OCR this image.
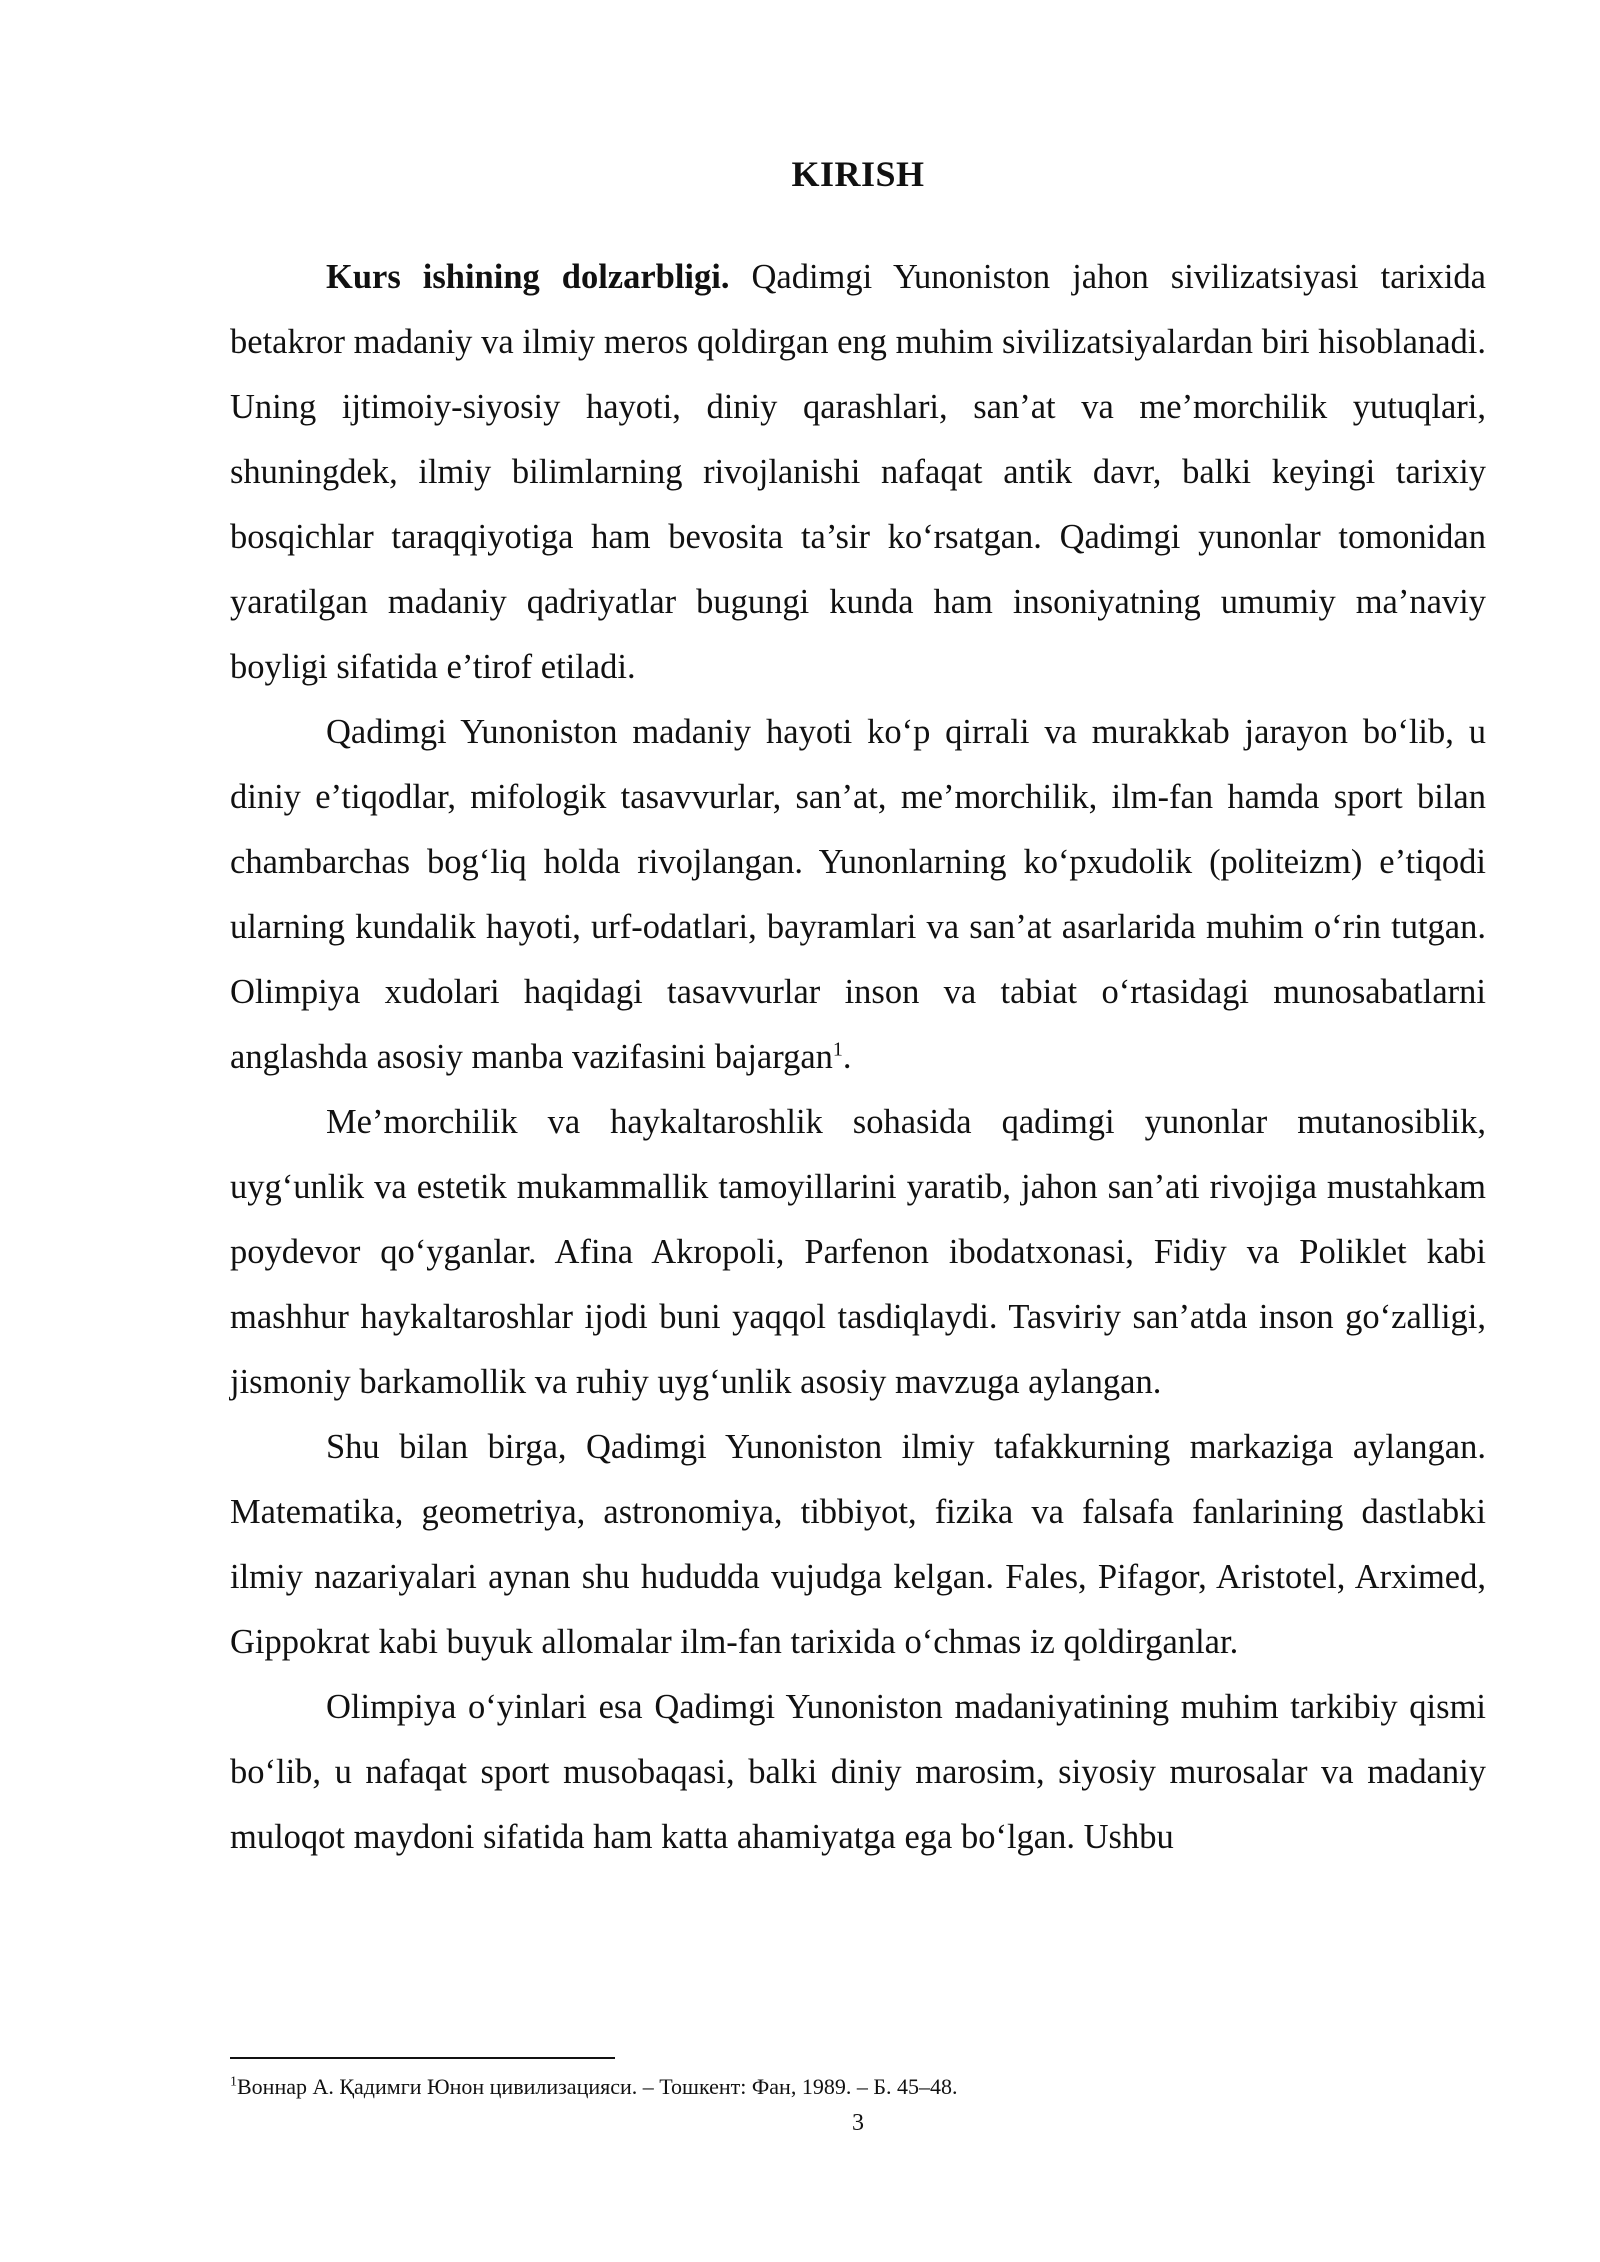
KIRISH

Kurs ishining dolzarbligi. Qadimgi Yunoniston jahon sivilizatsiyasi tarixida betakror madaniy va ilmiy meros qoldirgan eng muhim sivilizatsiyalardan biri hisoblanadi. Uning ijtimoiy-siyosiy hayoti, diniy qarashlari, san’at va me’morchilik yutuqlari, shuningdek, ilmiy bilimlarning rivojlanishi nafaqat antik davr, balki keyingi tarixiy bosqichlar taraqqiyotiga ham bevosita ta’sir ko‘rsatgan. Qadimgi yunonlar tomonidan yaratilgan madaniy qadriyatlar bugungi kunda ham insoniyatning umumiy ma’naviy boyligi sifatida e’tirof etiladi.

Qadimgi Yunoniston madaniy hayoti ko‘p qirrali va murakkab jarayon bo‘lib, u diniy e’tiqodlar, mifologik tasavvurlar, san’at, me’morchilik, ilm-fan hamda sport bilan chambarchas bog‘liq holda rivojlangan. Yunonlarning ko‘pxudolik (politeizm) e’tiqodi ularning kundalik hayoti, urf-odatlari, bayramlari va san’at asarlarida muhim o‘rin tutgan. Olimpiya xudolari haqidagi tasavvurlar inson va tabiat o‘rtasidagi munosabatlarni anglashda asosiy manba vazifasini bajargan$^1$.

Me’morchilik va haykaltaroshlik sohasida qadimgi yunonlar mutanosiblik, uyg‘unlik va estetik mukammallik tamoyillarini yaratib, jahon san’ati rivojiga mustahkam poydevor qo‘yganlar. Afina Akropoli, Parfenon ibodatxonasi, Fidiy va Poliklet kabi mashhur haykaltaroshlar ijodi buni yaqqol tasdiqlaydi. Tasviriy san’atda inson go‘zalligi, jismoniy barkamollik va ruhiy uyg‘unlik asosiy mavzuga aylangan.

Shu bilan birga, Qadimgi Yunoniston ilmiy tafakkurning markaziga aylangan. Matematika, geometriya, astronomiya, tibbiyot, fizika va falsafa fanlarining dastlabki ilmiy nazariyalari aynan shu hududda vujudga kelgan. Fales, Pifagor, Aristotel, Arximed, Gippokrat kabi buyuk allomalar ilm-fan tarixida o‘chmas iz qoldirganlar.

Olimpiya o‘yinlari esa Qadimgi Yunoniston madaniyatining muhim tarkibiy qismi bo‘lib, u nafaqat sport musobaqasi, balki diniy marosim, siyosiy murosalar va madaniy muloqot maydoni sifatida ham katta ahamiyatga ega bo‘lgan. Ushbu

$^1$Воннар А. Қадимги Юнон цивилизацияси. – Тошкент: Фан, 1989. – Б. 45–48.
3
